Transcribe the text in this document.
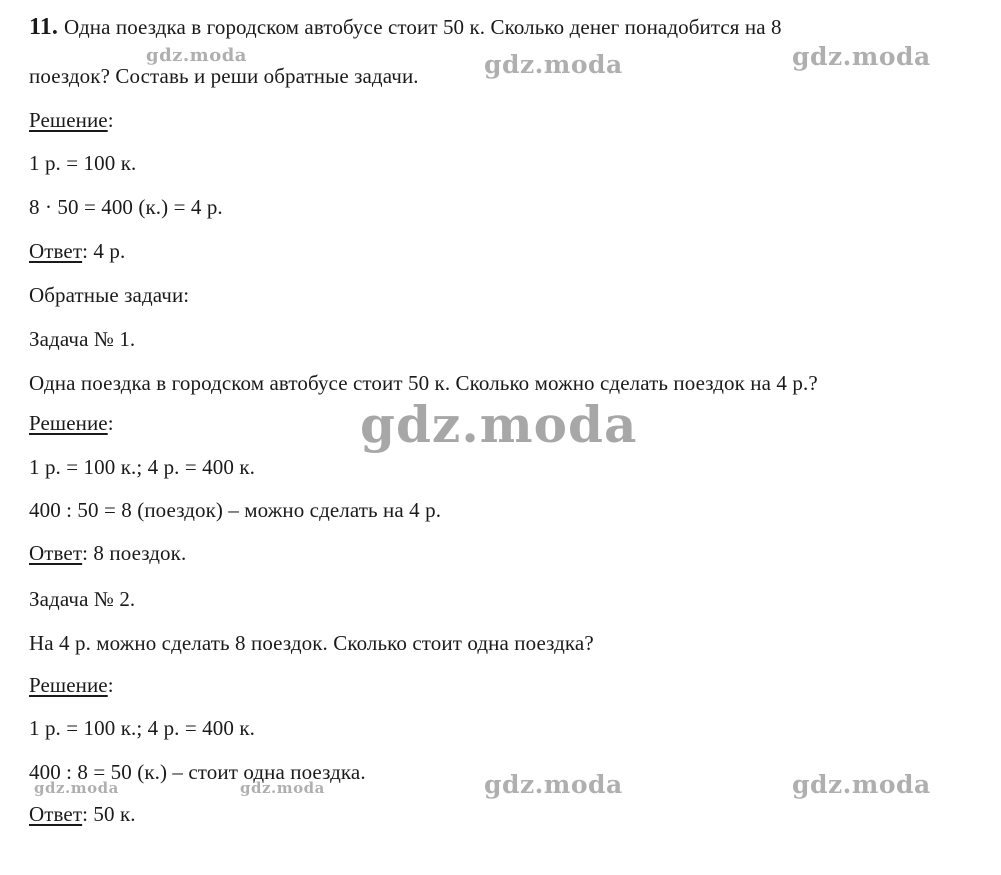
11. Одна поездка в городском автобусе стоит 50 к. Сколько денег понадобится на 8
поездок? Составь и реши обратные задачи.
Решение:
1 р. = 100 к.
8 · 50 = 400 (к.) = 4 р.
Ответ: 4 р.
Обратные задачи:
Задача № 1.
Одна поездка в городском автобусе стоит 50 к. Сколько можно сделать поездок на 4 р.?
Решение:
1 р. = 100 к.; 4 р. = 400 к.
400 : 50 = 8 (поездок) – можно сделать на 4 р.
Ответ: 8 поездок.
Задача № 2.
На 4 р. можно сделать 8 поездок. Сколько стоит одна поездка?
Решение:
1 р. = 100 к.; 4 р. = 400 к.
400 : 8 = 50 (к.) – стоит одна поездка.
Ответ: 50 к.
gdz.moda	gdz.moda	gdz.moda
gdz.moda
gdz.moda	gdz.moda	gdz.moda	gdz.moda
